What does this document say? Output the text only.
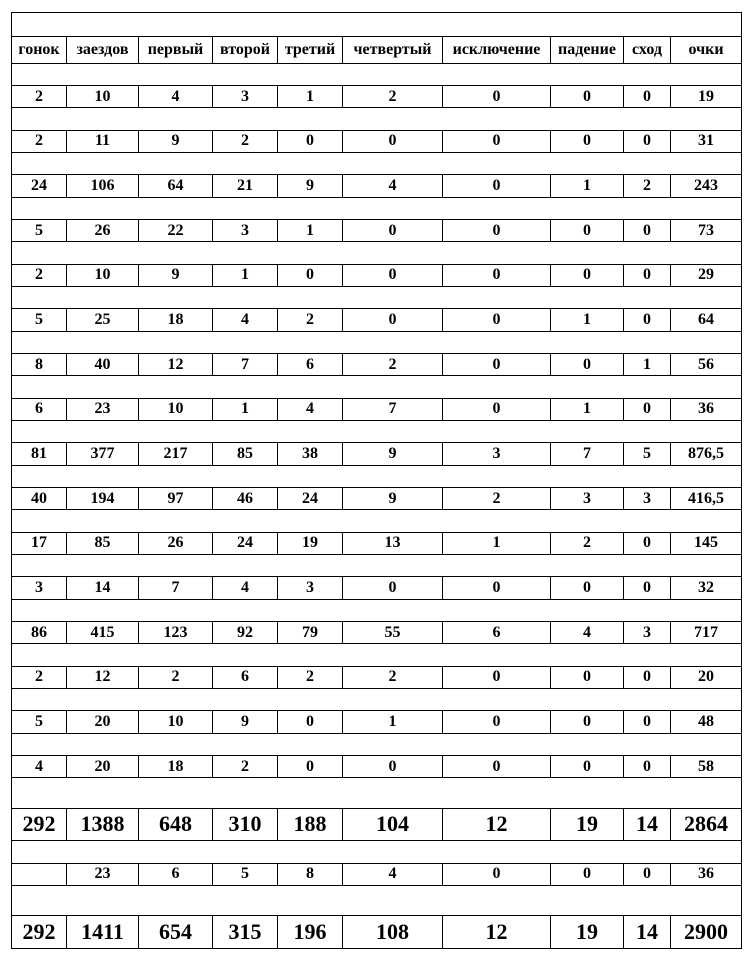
гонок	заездов	первый	второй	третий	четвертый	исключение	падение	сход	очки

2	10	4	3	1	2	0	0	0	19

2	11	9	2	0	0	0	0	0	31

24	106	64	21	9	4	0	1	2	243

5	26	22	3	1	0	0	0	0	73

2	10	9	1	0	0	0	0	0	29

5	25	18	4	2	0	0	1	0	64

8	40	12	7	6	2	0	0	1	56

6	23	10	1	4	7	0	1	0	36

81	377	217	85	38	9	3	7	5	876,5

40	194	97	46	24	9	2	3	3	416,5

17	85	26	24	19	13	1	2	0	145

3	14	7	4	3	0	0	0	0	32

86	415	123	92	79	55	6	4	3	717

2	12	2	6	2	2	0	0	0	20

5	20	10	9	0	1	0	0	0	48

4	20	18	2	0	0	0	0	0	58

292	1388	648	310	188	104	12	19	14	2864

	23	6	5	8	4	0	0	0	36

292	1411	654	315	196	108	12	19	14	2900
